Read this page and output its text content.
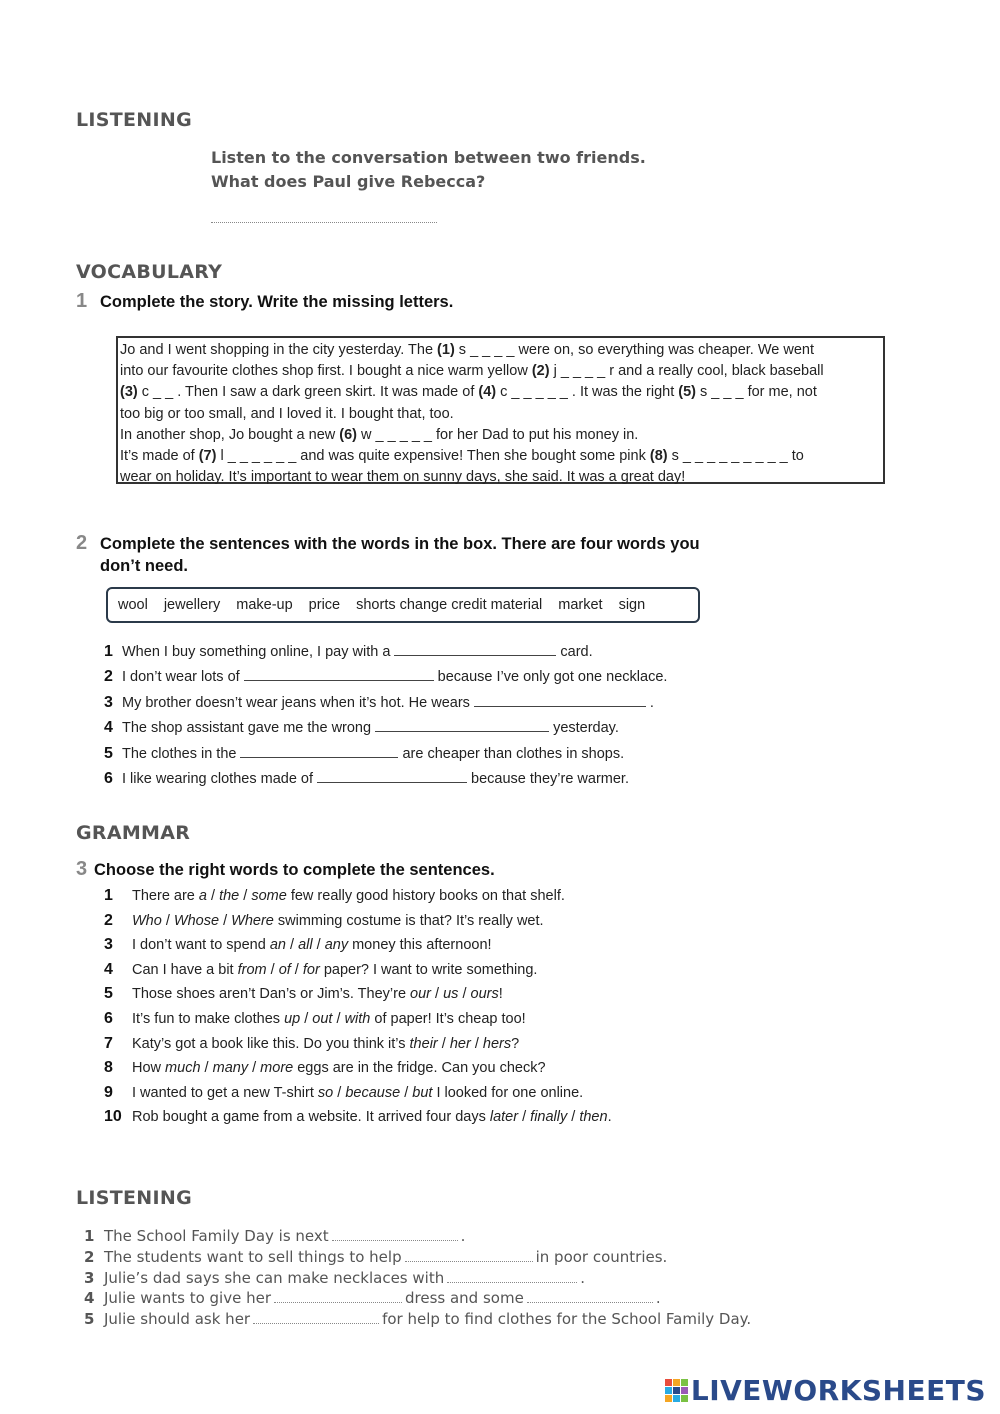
LISTENING
Listen to the conversation between two friends.
What does Paul give Rebecca?
VOCABULARY
1 Complete the story. Write the missing letters.
Jo and I went shopping in the city yesterday. The (1) s _ _ _ _ were on, so everything was cheaper. We went
into our favourite clothes shop first. I bought a nice warm yellow (2) j _ _ _ _ r and a really cool, black baseball
(3) c _ _ . Then I saw a dark green skirt. It was made of (4) c _ _ _ _ _ . It was the right (5) s _ _ _ for me, not
too big or too small, and I loved it. I bought that, too.
In another shop, Jo bought a new (6) w _ _ _ _ _ for her Dad to put his money in.
It’s made of (7) l _ _ _ _ _ _ and was quite expensive! Then she bought some pink (8) s _ _ _ _ _ _ _ _ _ to
wear on holiday. It’s important to wear them on sunny days, she said. It was a great day!
2 Complete the sentences with the words in the box. There are four words you
don’t need.
wool jewellery make-up price shorts change credit material market sign
1 When I buy something online, I pay with a	card.
2 I don’t wear lots of	because I’ve only got one necklace.
3 My brother doesn’t wear jeans when it’s hot. He wears	.
4 The shop assistant gave me the wrong	yesterday.
5 The clothes in the	are cheaper than clothes in shops.
6 I like wearing clothes made of	because they’re warmer.
GRAMMAR
3 Choose the right words to complete the sentences.
1	There are a / the / some few really good history books on that shelf.
2	Who / Whose / Where swimming costume is that? It’s really wet.
3	I don’t want to spend an / all / any money this afternoon!
4	Can I have a bit from / of / for paper? I want to write something.
5	Those shoes aren’t Dan’s or Jim’s. They’re our / us / ours!
6	It’s fun to make clothes up / out / with of paper! It’s cheap too!
7	Katy’s got a book like this. Do you think it’s their / her / hers?
8	How much / many / more eggs are in the fridge. Can you check?
9	I wanted to get a new T-shirt so / because / but I looked for one online.
10 Rob bought a game from a website. It arrived four days later / finally / then.
LISTENING
1 The School Family Day is next	.
2 The students want to sell things to help	in poor countries.
3 Julie’s dad says she can make necklaces with	.
4 Julie wants to give her	dress and some	.
5 Julie should ask her	for help to find clothes for the School Family Day.
LIVEWORKSHEETS
